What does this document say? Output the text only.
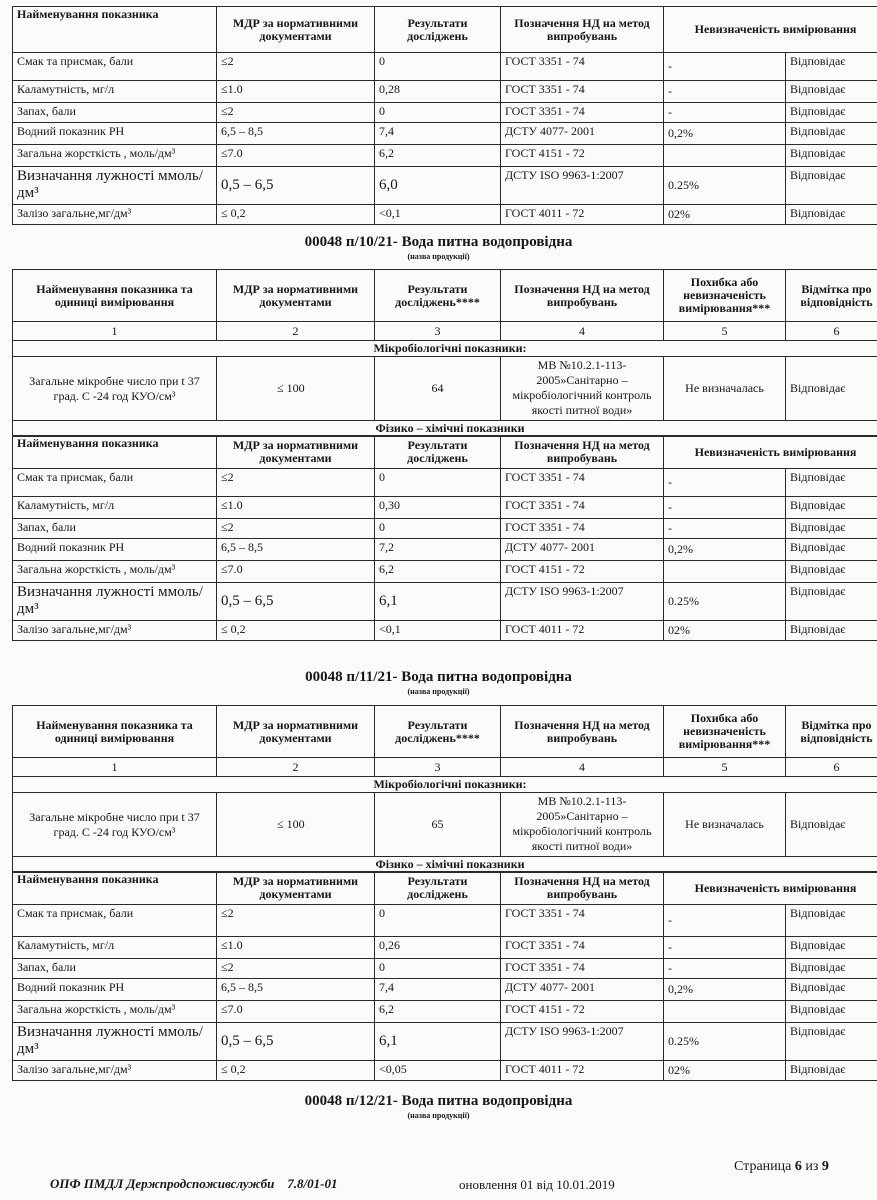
Найменування показника	МДР за нормативними документами	Результати досліджень	Позначення НД на метод випробувань	Невизначеність вимірювання	
Смак та присмак, бали	≤2	0	ГОСТ 3351 - 74	-	Відповідає
Каламутність, мг/л	≤1.0	0,28	ГОСТ 3351 - 74	-	Відповідає
Запах, бали	≤2	0	ГОСТ 3351 - 74	-	Відповідає
Водний показник РН	6,5 – 8,5	7,4	ДСТУ 4077- 2001	0,2%	Відповідає
Загальна жорсткість , моль/дм³	≤7.0	6,2	ГОСТ 4151 - 72		Відповідає
Визначання лужності ммоль/дм³	0,5 – 6,5	6,0	ДСТУ ISO 9963-1:2007	0.25%	Відповідає
Залізо загальне,мг/дм³	≤ 0,2	<0,1	ГОСТ 4011 - 72	02%	Відповідає
00048 п/10/21- Вода питна водопровідна
(назва продукції)
Найменування показника та одиниці вимірювання	МДР за нормативними документами	Результати досліджень****	Позначення НД на метод випробувань	Похибка або невизначеність вимірювання***	Відмітка про відповідність
1	2	3	4	5	6
Мікробіологічні показники:					
Загальне мікробне число при t 37 град. С -24 год КУО/см³	≤ 100	64	МВ №10.2.1-113-2005»Санітарно – мікробіологічний контроль якості питної води»	Не визначалась	Відповідає
Фізико – хімічні показники					
Найменування показника	МДР за нормативними документами	Результати досліджень	Позначення НД на метод випробувань	Невизначеність вимірювання	
Смак та присмак, бали	≤2	0	ГОСТ 3351 - 74	-	Відповідає
Каламутність, мг/л	≤1.0	0,30	ГОСТ 3351 - 74	-	Відповідає
Запах, бали	≤2	0	ГОСТ 3351 - 74	-	Відповідає
Водний показник РН	6,5 – 8,5	7,2	ДСТУ 4077- 2001	0,2%	Відповідає
Загальна жорсткість , моль/дм³	≤7.0	6,2	ГОСТ 4151 - 72		Відповідає
Визначання лужності ммоль/дм³	0,5 – 6,5	6,1	ДСТУ ISO 9963-1:2007	0.25%	Відповідає
Залізо загальне,мг/дм³	≤ 0,2	<0,1	ГОСТ 4011 - 72	02%	Відповідає
00048 п/11/21- Вода питна водопровідна
(назва продукції)
Найменування показника та одиниці вимірювання	МДР за нормативними документами	Результати досліджень****	Позначення НД на метод випробувань	Похибка або невизначеність вимірювання***	Відмітка про відповідність
1	2	3	4	5	6
Мікробіологічні показники:					
Загальне мікробне число при t 37 град. С -24 год КУО/см³	≤ 100	65	МВ №10.2.1-113-2005»Санітарно – мікробіологічний контроль якості питної води»	Не визначалась	Відповідає
Фізико – хімічні показники					
Найменування показника	МДР за нормативними документами	Результати досліджень	Позначення НД на метод випробувань	Невизначеність вимірювання	
Смак та присмак, бали	≤2	0	ГОСТ 3351 - 74	-	Відповідає
Каламутність, мг/л	≤1.0	0,26	ГОСТ 3351 - 74	-	Відповідає
Запах, бали	≤2	0	ГОСТ 3351 - 74	-	Відповідає
Водний показник РН	6,5 – 8,5	7,4	ДСТУ 4077- 2001	0,2%	Відповідає
Загальна жорсткість , моль/дм³	≤7.0	6,2	ГОСТ 4151 - 72		Відповідає
Визначання лужності ммоль/дм³	0,5 – 6,5	6,1	ДСТУ ISO 9963-1:2007	0.25%	Відповідає
Залізо загальне,мг/дм³	≤ 0,2	<0,05	ГОСТ 4011 - 72	02%	Відповідає
00048 п/12/21- Вода питна водопровідна
(назва продукції)
Страница 6 из 9
ОПФ ПМДЛ Держпродспоживслужби    7.8/01-01	оновлення 01 від 10.01.2019
